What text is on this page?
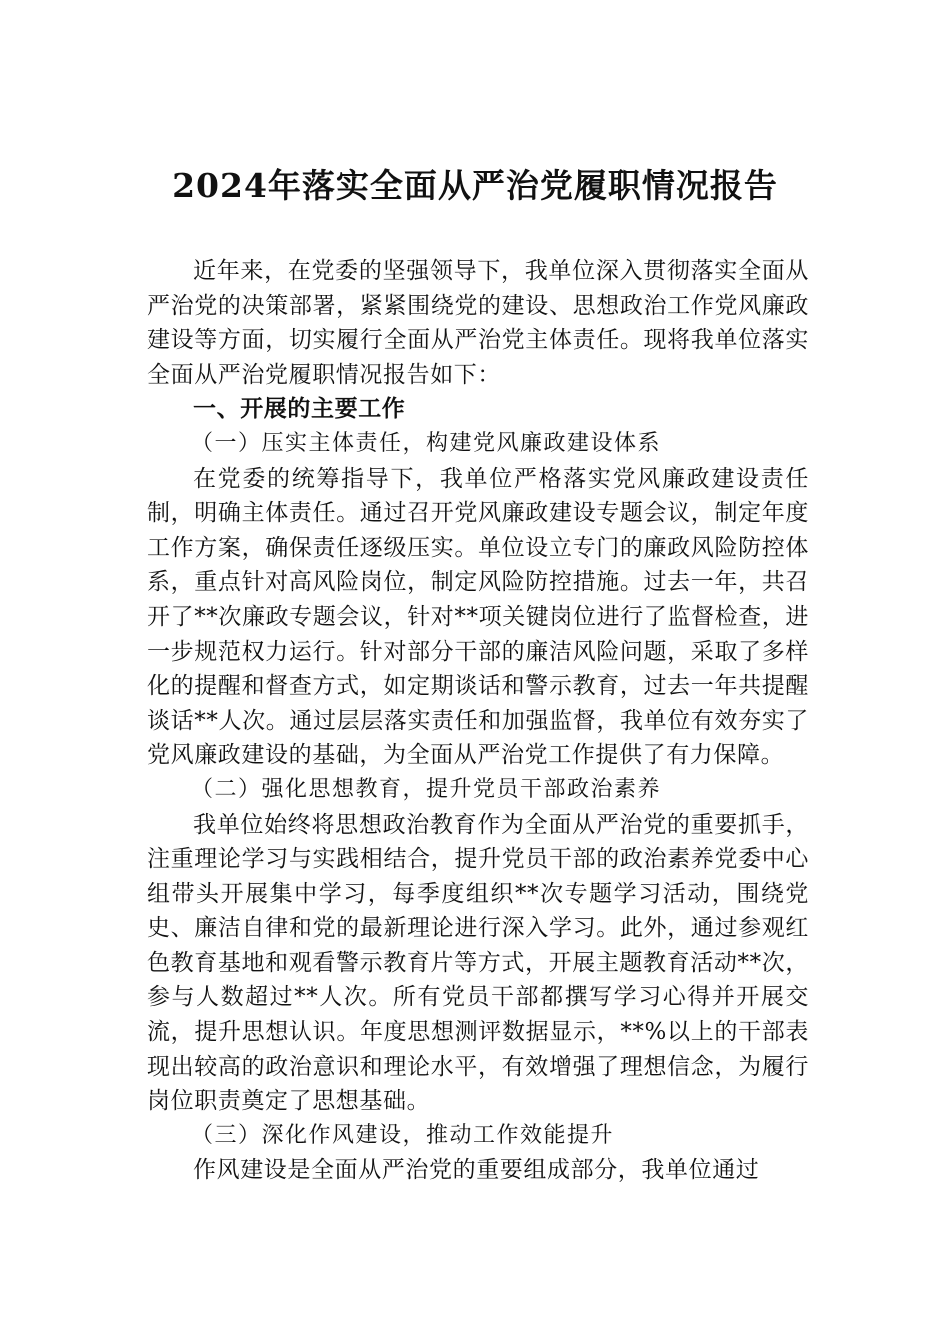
2024年落实全面从严治党履职情况报告

近年来，在党委的坚强领导下，我单位深入贯彻落实全面从严治党的决策部署，紧紧围绕党的建设、思想政治工作党风廉政建设等方面，切实履行全面从严治党主体责任。现将我单位落实全面从严治党履职情况报告如下：

一、开展的主要工作

（一）压实主体责任，构建党风廉政建设体系

在党委的统筹指导下，我单位严格落实党风廉政建设责任制，明确主体责任。通过召开党风廉政建设专题会议，制定年度工作方案，确保责任逐级压实。单位设立专门的廉政风险防控体系，重点针对高风险岗位，制定风险防控措施。过去一年，共召开了**次廉政专题会议，针对**项关键岗位进行了监督检查，进一步规范权力运行。针对部分干部的廉洁风险问题，采取了多样化的提醒和督查方式，如定期谈话和警示教育，过去一年共提醒谈话**人次。通过层层落实责任和加强监督，我单位有效夯实了党风廉政建设的基础，为全面从严治党工作提供了有力保障。

（二）强化思想教育，提升党员干部政治素养

我单位始终将思想政治教育作为全面从严治党的重要抓手，注重理论学习与实践相结合，提升党员干部的政治素养党委中心组带头开展集中学习，每季度组织**次专题学习活动，围绕党史、廉洁自律和党的最新理论进行深入学习。此外，通过参观红色教育基地和观看警示教育片等方式，开展主题教育活动**次，参与人数超过**人次。所有党员干部都撰写学习心得并开展交流，提升思想认识。年度思想测评数据显示，**%以上的干部表现出较高的政治意识和理论水平，有效增强了理想信念，为履行岗位职责奠定了思想基础。

（三）深化作风建设，推动工作效能提升

作风建设是全面从严治党的重要组成部分，我单位通过
